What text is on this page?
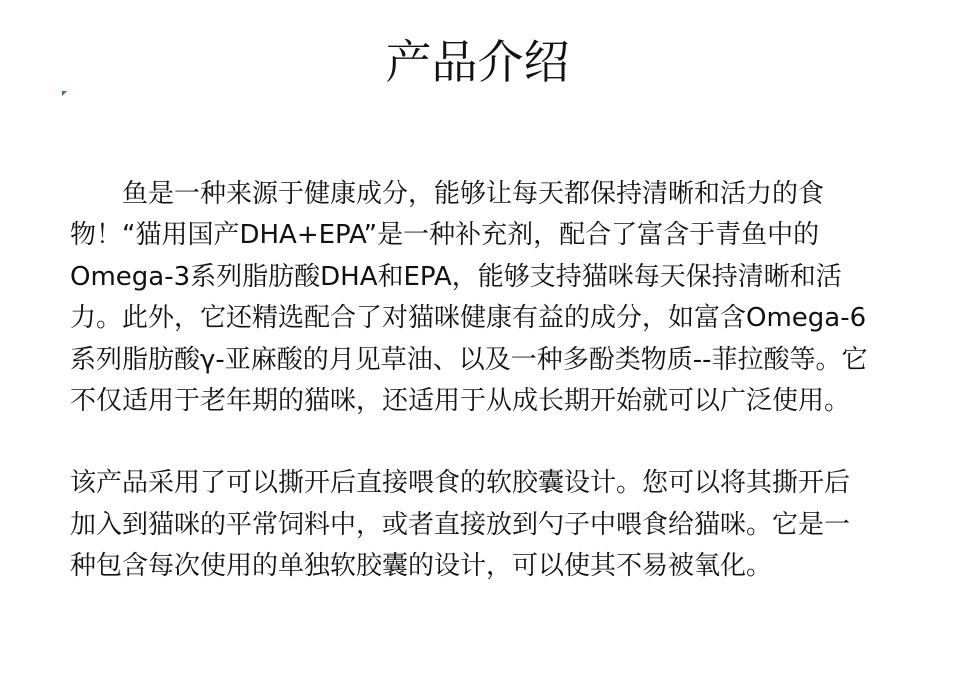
产品介绍

鱼是一种来源于健康成分，能够让每天都保持清晰和活力的食物！“猫用国产DHA+EPA”是一种补充剂，配合了富含于青鱼中的Omega-3系列脂肪酸DHA和EPA，能够支持猫咪每天保持清晰和活力。此外，它还精选配合了对猫咪健康有益的成分，如富含Omega-6系列脂肪酸γ-亚麻酸的月见草油、以及一种多酚类物质--菲拉酸等。它不仅适用于老年期的猫咪，还适用于从成长期开始就可以广泛使用。

该产品采用了可以撕开后直接喂食的软胶囊设计。您可以将其撕开后加入到猫咪的平常饲料中，或者直接放到勺子中喂食给猫咪。它是一种包含每次使用的单独软胶囊的设计，可以使其不易被氧化。
